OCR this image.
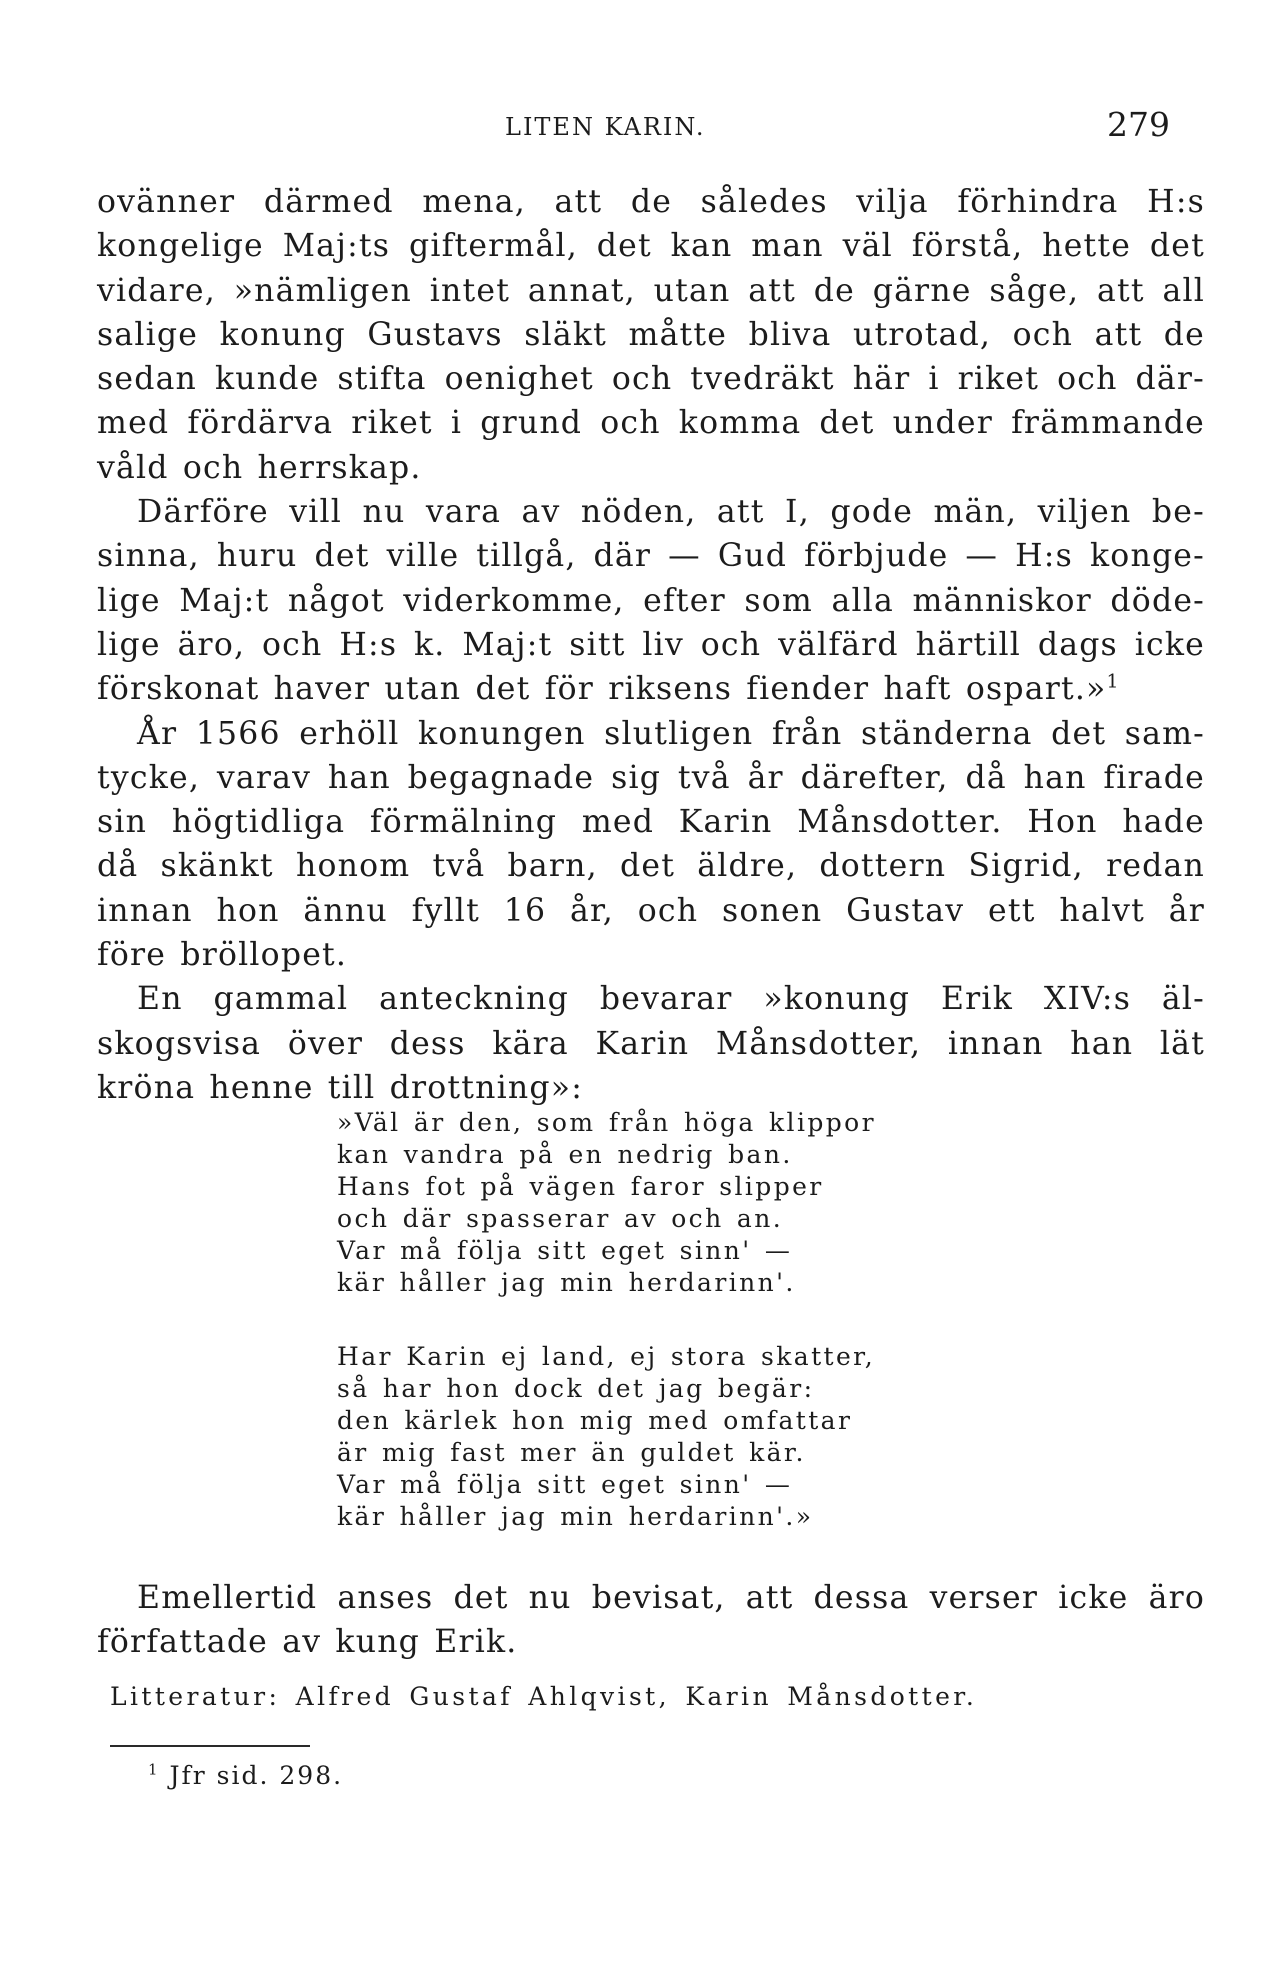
LITEN KARIN.	279
ovänner därmed mena, att de således vilja förhindra H:s
kongelige Maj:ts giftermål, det kan man väl förstå, hette det
vidare, »nämligen intet annat, utan att de gärne såge, att all
salige konung Gustavs släkt måtte bliva utrotad, och att de
sedan kunde stifta oenighet och tvedräkt här i riket och där-
med fördärva riket i grund och komma det under främmande
våld och herrskap.
Därföre vill nu vara av nöden, att I, gode män, viljen be-
sinna, huru det ville tillgå, där — Gud förbjude — H:s konge-
lige Maj:t något viderkomme, efter som alla människor döde-
lige äro, och H:s k. Maj:t sitt liv och välfärd härtill dags icke
förskonat haver utan det för riksens fiender haft ospart.»$^1$
År 1566 erhöll konungen slutligen från ständerna det sam-
tycke, varav han begagnade sig två år därefter, då han firade
sin högtidliga förmälning med Karin Månsdotter. Hon hade
då skänkt honom två barn, det äldre, dottern Sigrid, redan
innan hon ännu fyllt 16 år, och sonen Gustav ett halvt år
före bröllopet.
En gammal anteckning bevarar »konung Erik XIV:s äl-
skogsvisa över dess kära Karin Månsdotter, innan han lät
kröna henne till drottning»:
»Väl är den, som från höga klippor
kan vandra på en nedrig ban.
Hans fot på vägen faror slipper
och där spasserar av och an.
Var må följa sitt eget sinn' —
kär håller jag min herdarinn'.
Har Karin ej land, ej stora skatter,
så har hon dock det jag begär:
den kärlek hon mig med omfattar
är mig fast mer än guldet kär.
Var må följa sitt eget sinn' —
kär håller jag min herdarinn'.»
Emellertid anses det nu bevisat, att dessa verser icke äro
författade av kung Erik.
Litteratur: Alfred Gustaf Ahlqvist, Karin Månsdotter.
$^1$ Jfr sid. 298.
